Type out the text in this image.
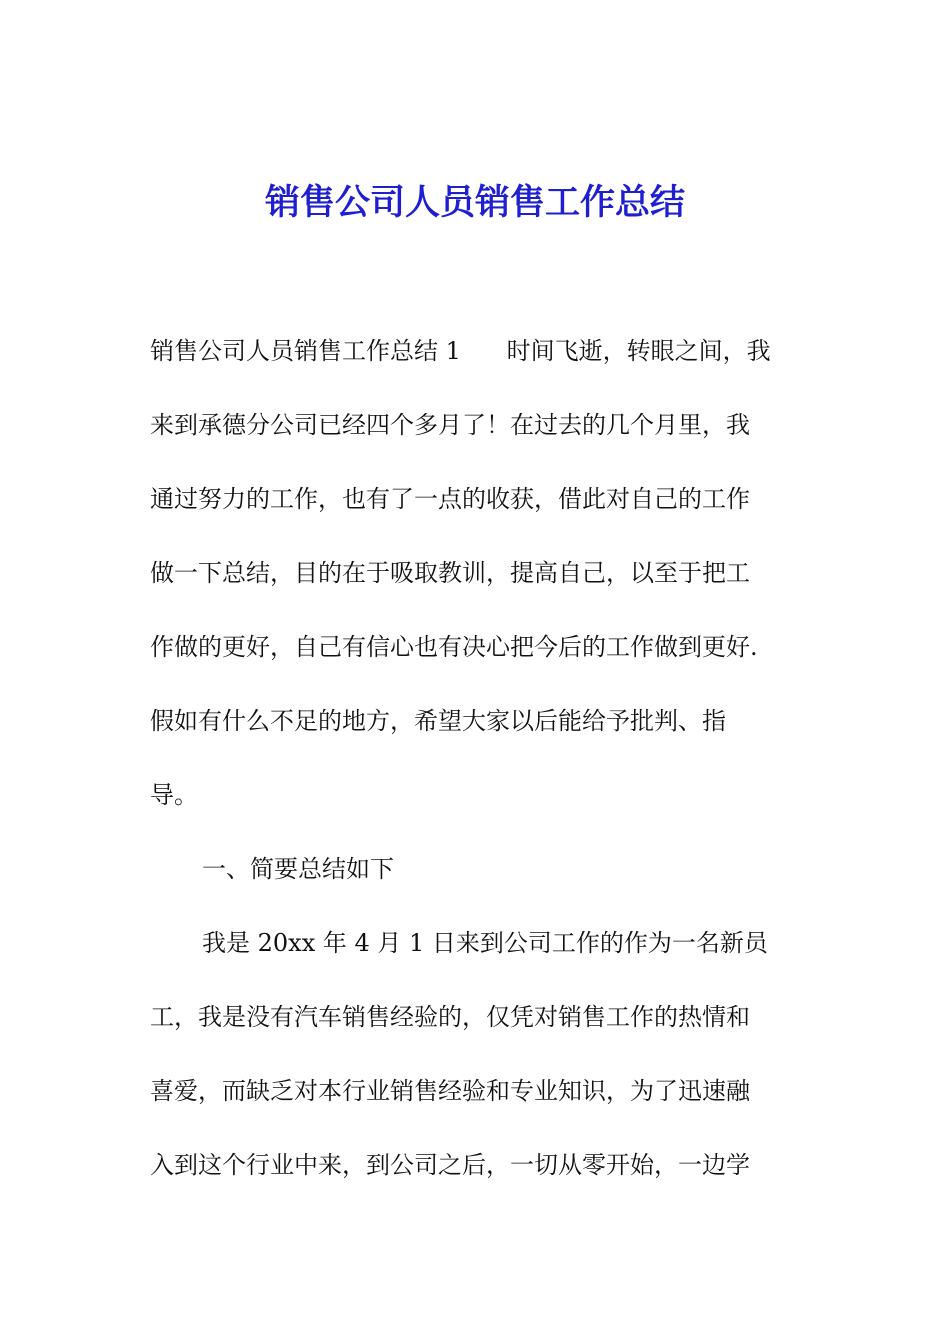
销售公司人员销售工作总结
销售公司人员销售工作总结 1      时间飞逝，转眼之间，我
来到承德分公司已经四个多月了！在过去的几个月里，我
通过努力的工作，也有了一点的收获，借此对自己的工作
做一下总结，目的在于吸取教训，提高自己，以至于把工
作做的更好，自己有信心也有决心把今后的工作做到更好.
假如有什么不足的地方，希望大家以后能给予批判、指
导。
一、简要总结如下
我是 20xx 年 4 月 1 日来到公司工作的作为一名新员
工，我是没有汽车销售经验的，仅凭对销售工作的热情和
喜爱，而缺乏对本行业销售经验和专业知识，为了迅速融
入到这个行业中来，到公司之后，一切从零开始，一边学
